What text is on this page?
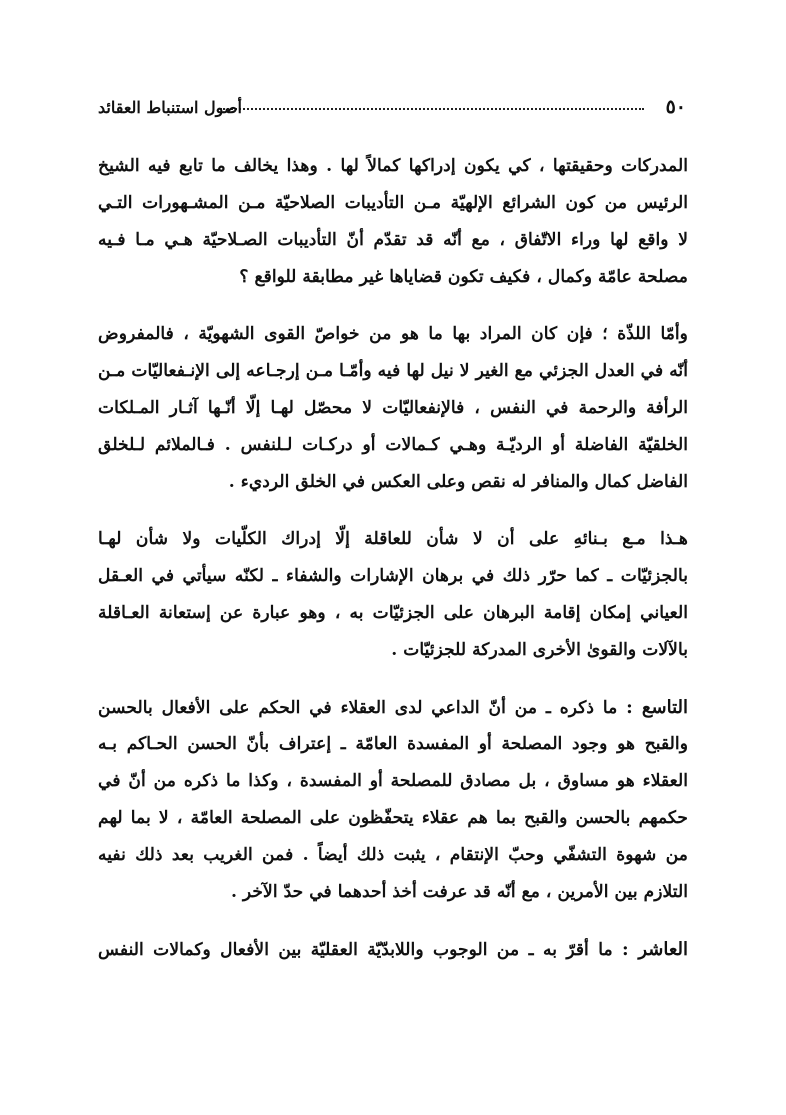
٥٠
أصول استنباط العقائد
المدركات وحقيقتها ، كي يكون إدراكها كمالاً لها . وهذا يخالف ما تابع فيه الشيخ
الرئيس من كون الشرائع الإلهيّة مـن التأديبات الصلاحيّة مـن المشـهورات التـي
لا واقع لها وراء الاتّفاق ، مع أنّه قد تقدّم أنّ التأديبات الصـلاحيّة هـي مـا فـيه
مصلحة عامّة وكمال ، فكيف تكون قضاياها غير مطابقة للواقع ؟
وأمّا اللذّة ؛ فإن كان المراد بها ما هو من خواصّ القوى الشهويّة ، فالمفروض
أنّه في العدل الجزئي مع الغير لا نيل لها فيه وأمّـا مـن إرجـاعه إلى الإنـفعاليّات مـن
الرأفة والرحمة في النفس ، فالإنفعاليّات لا محصّل لهـا إلّا أنّـها آثـار المـلكات
الخلقيّة الفاضلة أو الرديّـة وهـي كـمالات أو دركـات لـلنفس . فـالملائم لـلخلق
الفاضل كمال والمنافر له نقص وعلى العكس في الخلق الرديء .
هـذا مـع بـنائهِ على أن لا شأن للعاقلة إلّا إدراك الكلّيات ولا شأن لهـا
بالجزئيّات ـ كما حرّر ذلك في برهان الإشارات والشفاء ـ لكنّه سيأتي في العـقل
العياني إمكان إقامة البرهان على الجزئيّات به ، وهو عبارة عن إستعانة العـاقلة
بالآلات والقوىٰ الأخرى المدركة للجزئيّات .
التاسع : ما ذكره ـ من أنّ الداعي لدى العقلاء في الحكم على الأفعال بالحسن
والقبح هو وجود المصلحة أو المفسدة العامّة ـ إعتراف بأنّ الحسن الحـاكم بـه
العقلاء هو مساوق ، بل مصادق للمصلحة أو المفسدة ، وكذا ما ذكره من أنّ في
حكمهم بالحسن والقبح بما هم عقلاء يتحفّظون على المصلحة العامّة ، لا بما لهم
من شهوة التشفّي وحبّ الإنتقام ، يثبت ذلك أيضاً . فمن الغريب بعد ذلك نفيه
التلازم بين الأمرين ، مع أنّه قد عرفت أخذ أحدهما في حدّ الآخر .
العاشر : ما أقرّ به ـ من الوجوب واللابدّيّة العقليّة بين الأفعال وكمالات النفس
